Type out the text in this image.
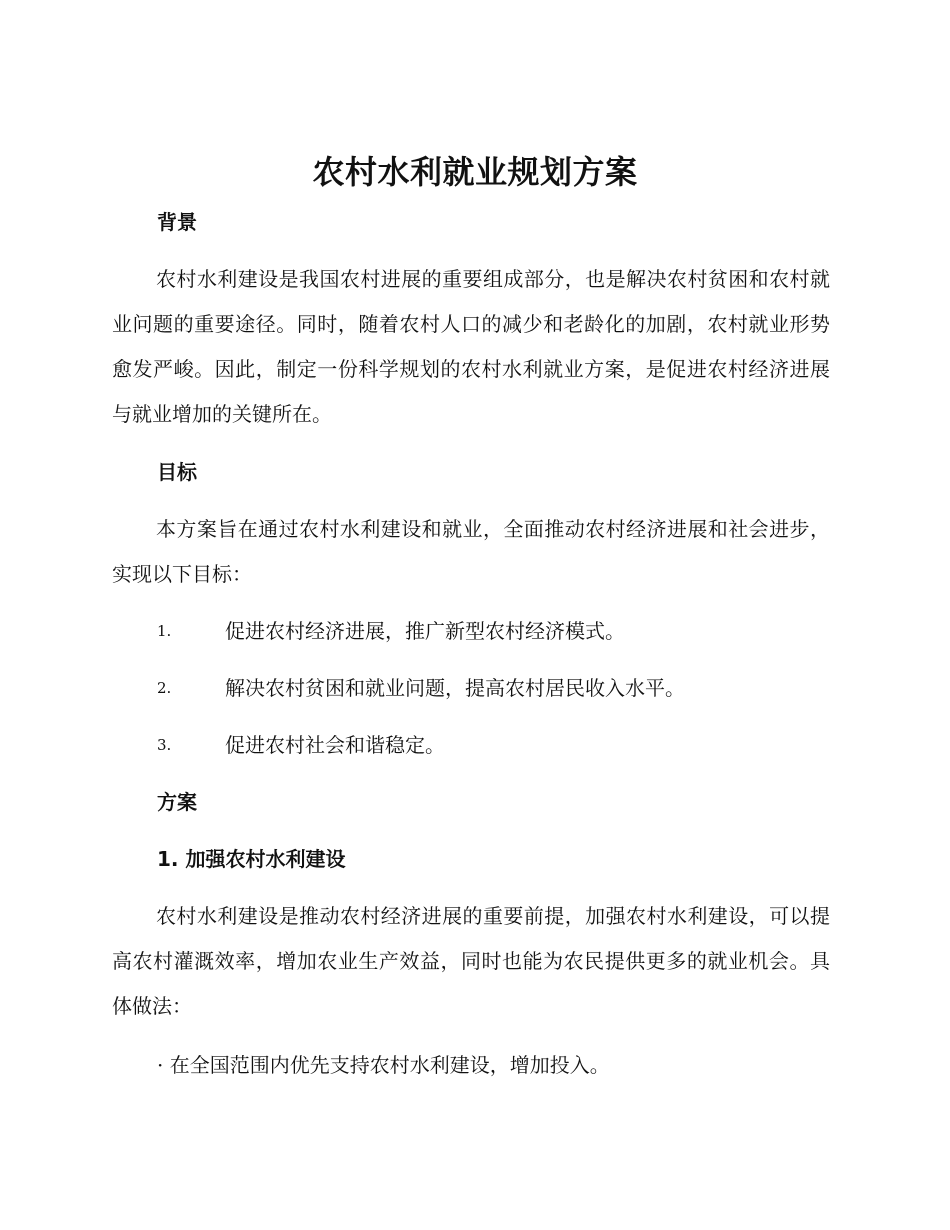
农村水利就业规划方案
背景
农村水利建设是我国农村进展的重要组成部分，也是解决农村贫困和农村就业问题的重要途径。同时，随着农村人口的减少和老龄化的加剧，农村就业形势愈发严峻。因此，制定一份科学规划的农村水利就业方案，是促进农村经济进展与就业增加的关键所在。
目标
本方案旨在通过农村水利建设和就业，全面推动农村经济进展和社会进步，实现以下目标：
1.	促进农村经济进展，推广新型农村经济模式。
2.	解决农村贫困和就业问题，提高农村居民收入水平。
3.	促进农村社会和谐稳定。
方案
1. 加强农村水利建设
农村水利建设是推动农村经济进展的重要前提，加强农村水利建设，可以提高农村灌溉效率，增加农业生产效益，同时也能为农民提供更多的就业机会。具体做法：
· 在全国范围内优先支持农村水利建设，增加投入。
